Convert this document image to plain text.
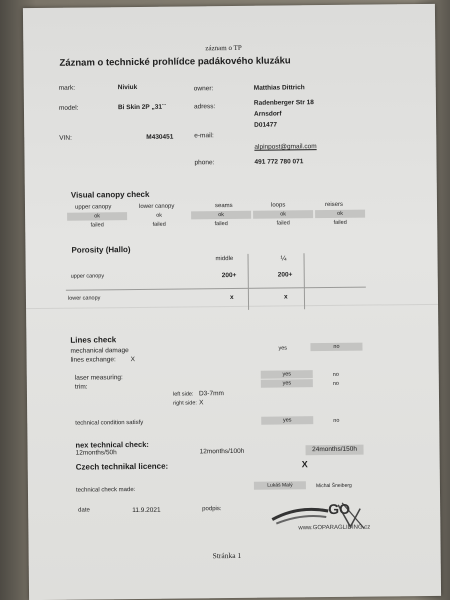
záznam o TP
Záznam o technické prohlídce padákového kluzáku
mark:	Niviuk
model:	Bi Skin 2P „31´´
VIN:	M430451
owner:	Matthias Dittrich
adress:
Radenberger Str 18
Arnsdorf
D01477
e-mail:
alpinpost@gmail.com
phone:	491 772 780 071
Visual canopy check
upper canopy	lower canopy	seams	loops	reisers
ok	ok	ok	ok	ok
failed	failed	failed	failed	failed
Porosity (Hallo)
middle	¼
upper canopy	200+	200+
lower canopy	x	x
Lines check
mechanical damage	yes	no
lines exchange: X
laser measuring:	yes	no
trim:
yes	no
left side: D3-7mm
right side: X
technical condition satisfy	yes	no
nex technical check:
12months/50h	12months/100h	24months/150h
Czech technikal licence:	X
technical check made:
Lukáš Malý	Michal Šneiberg
date	11.9.2021	podpis:	GO
www.GOPARAGLIDING.cz
Stránka 1
